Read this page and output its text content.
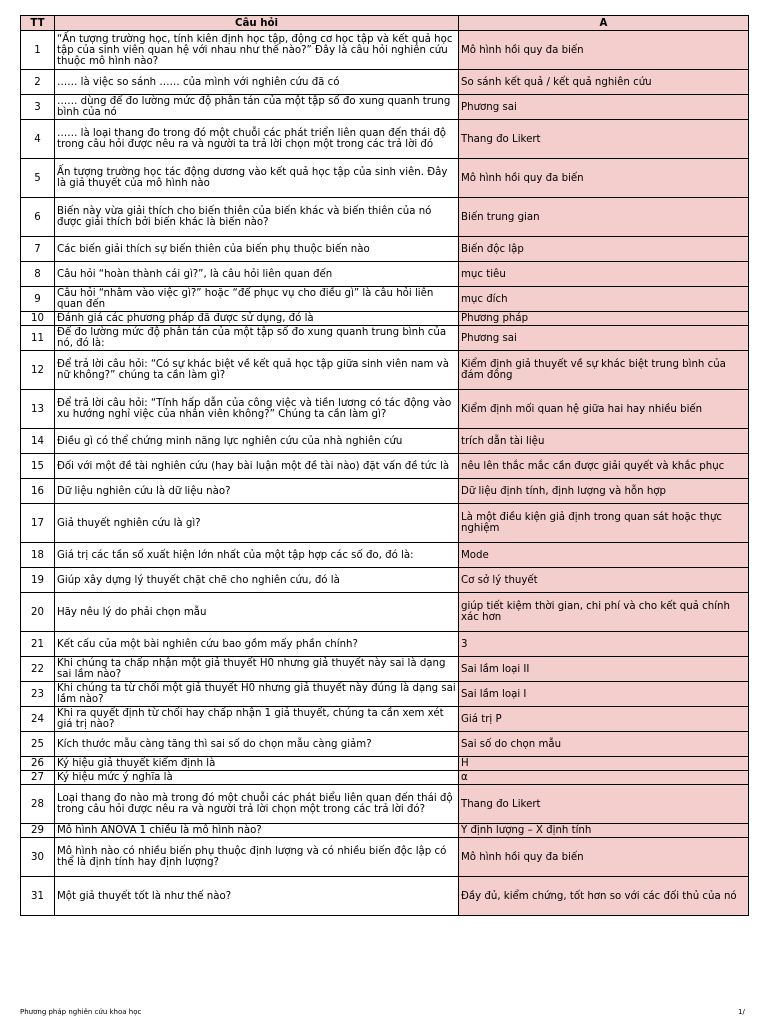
TT	Câu hỏi	A
1	“Ấn tượng trường học, tính kiên định học tập, động cơ học tập và kết quả học tập của sinh viên quan hệ với nhau như thế nào?” Đây là câu hỏi nghiên cứu thuộc mô hình nào?	Mô hình hồi quy đa biến
2	…… là việc so sánh …… của mình với nghiên cứu đã có	So sánh kết quả / kết quả nghiên cứu
3	…… dùng để đo lường mức độ phân tán của một tập số đo xung quanh trung bình của nó	Phương sai
4	…… là loại thang đo trong đó một chuỗi các phát triển liên quan đến thái độ trong câu hỏi được nêu ra và người ta trả lời chọn một trong các trả lời đó	Thang đo Likert
5	Ấn tượng trường học tác động dương vào kết quả học tập của sinh viên. Đây là giả thuyết của mô hình nào	Mô hình hồi quy đa biến
6	Biến này vừa giải thích cho biến thiên của biến khác và biến thiên của nó được giải thích bởi biến khác là biến nào?	Biến trung gian
7	Các biến giải thích sự biến thiên của biến phụ thuộc biến nào	Biến độc lập
8	Câu hỏi “hoàn thành cái gì?”, là câu hỏi liên quan đến	mục tiêu
9	Câu hỏi “nhằm vào việc gì?” hoặc “để phục vụ cho điều gì” là câu hỏi liên quan đến	mục đích
10	Đánh giá các phương pháp đã được sử dụng, đó là	Phương pháp
11	Để đo lường mức độ phân tán của một tập số đo xung quanh trung bình của nó, đó là:	Phương sai
12	Để trả lời câu hỏi: “Có sự khác biệt về kết quả học tập giữa sinh viên nam và nữ không?” chúng ta cần làm gì?	Kiểm định giả thuyết về sự khác biệt trung bình của đám đông
13	Để trả lời câu hỏi: “Tính hấp dẫn của công việc và tiền lương có tác động vào xu hướng nghỉ việc của nhân viên không?” Chúng ta cần làm gì?	Kiểm định mối quan hệ giữa hai hay nhiều biến
14	Điều gì có thể chứng minh năng lực nghiên cứu của nhà nghiên cứu	trích dẫn tài liệu
15	Đối với một đề tài nghiên cứu (hay bài luận một đề tài nào) đặt vấn đề tức là	nêu lên thắc mắc cần được giải quyết và khắc phục
16	Dữ liệu nghiên cứu là dữ liệu nào?	Dữ liệu định tính, định lượng và hỗn hợp
17	Giả thuyết nghiên cứu là gì?	Là một điều kiện giả định trong quan sát hoặc thực nghiệm
18	Giá trị các tần số xuất hiện lớn nhất của một tập hợp các số đo, đó là:	Mode
19	Giúp xây dựng lý thuyết chặt chẽ cho nghiên cứu, đó là	Cơ sở lý thuyết
20	Hãy nêu lý do phải chọn mẫu	giúp tiết kiệm thời gian, chi phí và cho kết quả chính xác hơn
21	Kết cấu của một bài nghiên cứu bao gồm mấy phần chính?	3
22	Khi chúng ta chấp nhận một giả thuyết H0 nhưng giả thuyết này sai là dạng sai lầm nào?	Sai lầm loại II
23	Khi chúng ta từ chối một giả thuyết H0 nhưng giả thuyết này đúng là dạng sai lầm nào?	Sai lầm loại I
24	Khi ra quyết định từ chối hay chấp nhận 1 giả thuyết, chúng ta cần xem xét giá trị nào?	Giá trị P
25	Kích thước mẫu càng tăng thì sai số do chọn mẫu càng giảm?	Sai số do chọn mẫu
26	Ký hiệu giả thuyết kiểm định là	H
27	Ký hiệu mức ý nghĩa là	α
28	Loại thang đo nào mà trong đó một chuỗi các phát biểu liên quan đến thái độ trong câu hỏi được nêu ra và người trả lời chọn một trong các trả lời đó?	Thang đo Likert
29	Mô hình ANOVA 1 chiều là mô hình nào?	Y định lượng – X định tính
30	Mô hình nào có nhiều biến phụ thuộc định lượng và có nhiều biến độc lập có thể là định tính hay định lượng?	Mô hình hồi quy đa biến
31	Một giả thuyết tốt là như thế nào?	Đầy đủ, kiểm chứng, tốt hơn so với các đối thủ của nó
Phương pháp nghiên cứu khoa học	1/
